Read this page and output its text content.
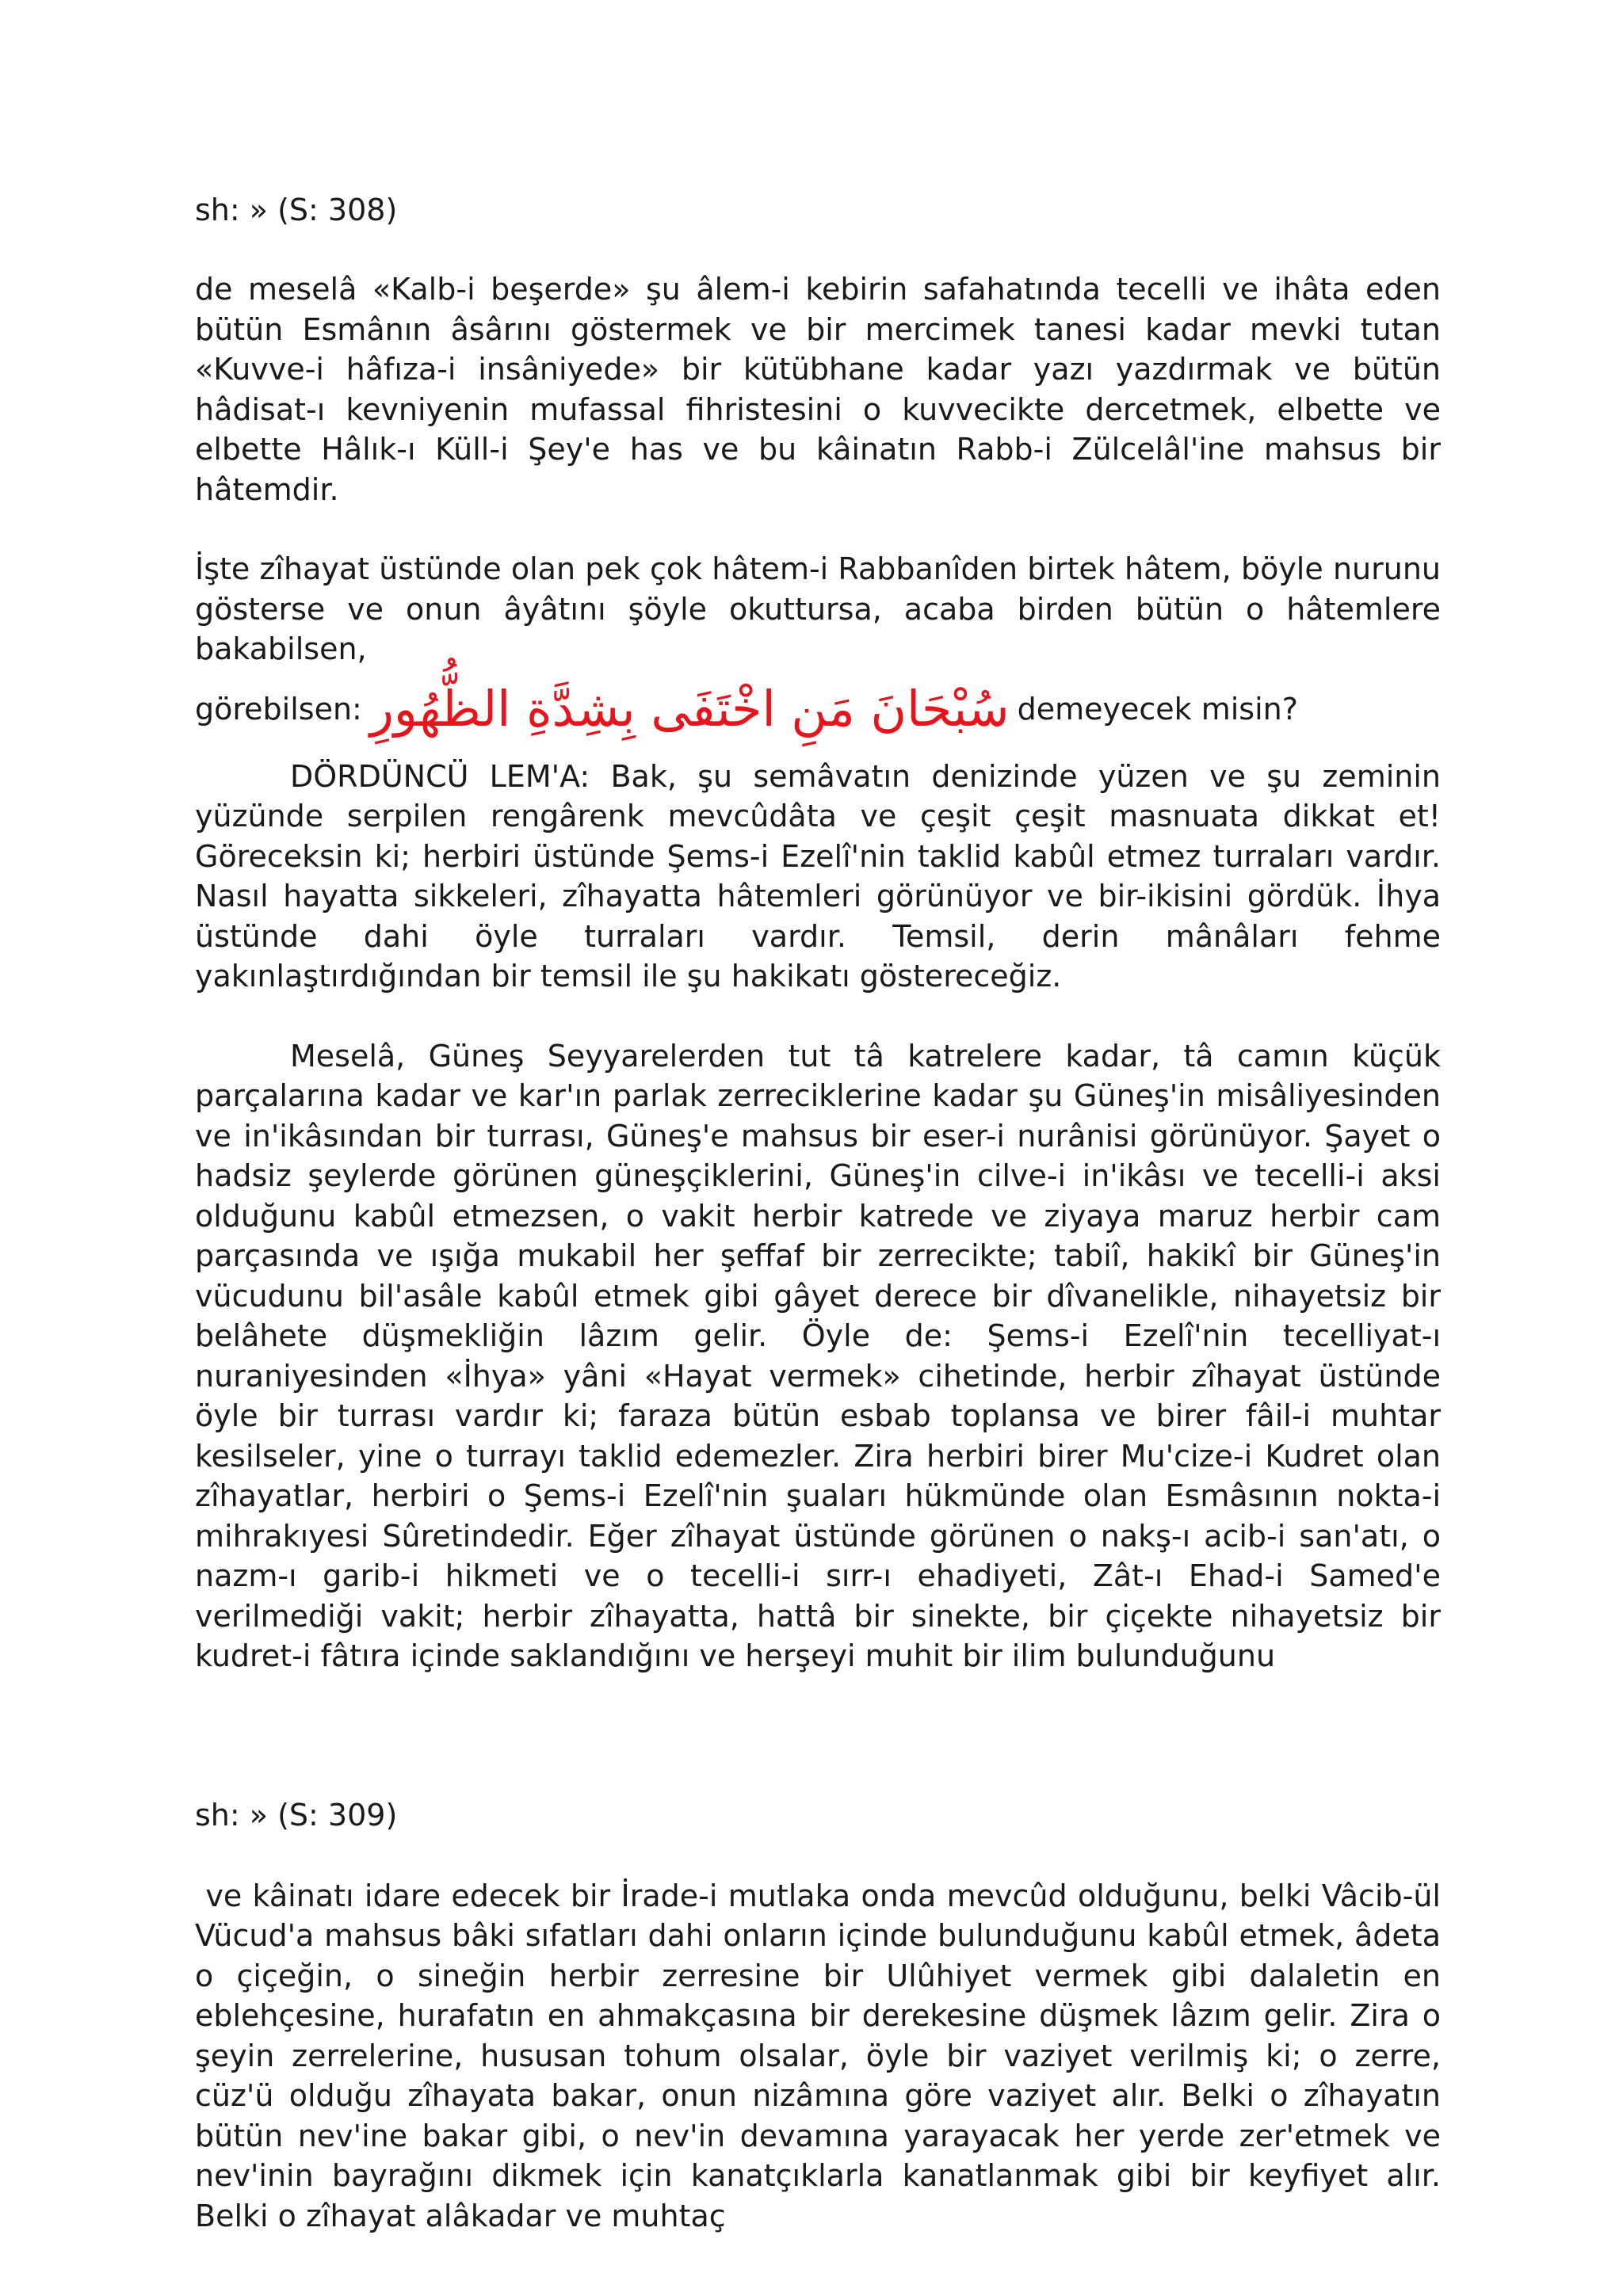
sh: » (S: 308)

de meselâ «Kalb-i beşerde» şu âlem-i kebirin safahatında tecelli ve ihâta eden bütün Esmânın âsârını göstermek ve bir mercimek tanesi kadar mevki tutan «Kuvve-i hâfıza-i insâniyede» bir kütübhane kadar yazı yazdırmak ve bütün hâdisat-ı kevniyenin mufassal fihristesini o kuvvecikte dercetmek, elbette ve elbette Hâlık-ı Küll-i Şey'e has ve bu kâinatın Rabb-i Zülcelâl'ine mahsus bir hâtemdir.

İşte zîhayat üstünde olan pek çok hâtem-i Rabbanîden birtek hâtem, böyle nurunu gösterse ve onun âyâtını şöyle okuttursa, acaba birden bütün o hâtemlere bakabilsen,

görebilsen: سُبْحَانَ مَنِ اخْتَفَى بِشِدَّةِ الظُّهُورِ demeyecek misin?

DÖRDÜNCÜ LEM'A: Bak, şu semâvatın denizinde yüzen ve şu zeminin yüzünde serpilen rengârenk mevcûdâta ve çeşit çeşit masnuata dikkat et! Göreceksin ki; herbiri üstünde Şems-i Ezelî'nin taklid kabûl etmez turraları vardır. Nasıl hayatta sikkeleri, zîhayatta hâtemleri görünüyor ve bir-ikisini gördük. İhya üstünde dahi öyle turraları vardır. Temsil, derin mânâları fehme yakınlaştırdığından bir temsil ile şu hakikatı göstereceğiz.

Meselâ, Güneş Seyyarelerden tut tâ katrelere kadar, tâ camın küçük parçalarına kadar ve kar'ın parlak zerreciklerine kadar şu Güneş'in misâliyesinden ve in'ikâsından bir turrası, Güneş'e mahsus bir eser-i nurânisi görünüyor. Şayet o hadsiz şeylerde görünen güneşçiklerini, Güneş'in cilve-i in'ikâsı ve tecelli-i aksi olduğunu kabûl etmezsen, o vakit herbir katrede ve ziyaya maruz herbir cam parçasında ve ışığa mukabil her şeffaf bir zerrecikte; tabiî, hakikî bir Güneş'in vücudunu bil'asâle kabûl etmek gibi gâyet derece bir dîvanelikle, nihayetsiz bir belâhete düşmekliğin lâzım gelir. Öyle de: Şems-i Ezelî'nin tecelliyat-ı nuraniyesinden «İhya» yâni «Hayat vermek» cihetinde, herbir zîhayat üstünde öyle bir turrası vardır ki; faraza bütün esbab toplansa ve birer fâil-i muhtar kesilseler, yine o turrayı taklid edemezler. Zira herbiri birer Mu'cize-i Kudret olan zîhayatlar, herbiri o Şems-i Ezelî'nin şuaları hükmünde olan Esmâsının nokta-i mihrakıyesi Sûretindedir. Eğer zîhayat üstünde görünen o nakş-ı acib-i san'atı, o nazm-ı garib-i hikmeti ve o tecelli-i sırr-ı ehadiyeti, Zât-ı Ehad-i Samed'e verilmediği vakit; herbir zîhayatta, hattâ bir sinekte, bir çiçekte nihayetsiz bir kudret-i fâtıra içinde saklandığını ve herşeyi muhit bir ilim bulunduğunu

sh: » (S: 309)

ve kâinatı idare edecek bir İrade-i mutlaka onda mevcûd olduğunu, belki Vâcib-ül Vücud'a mahsus bâki sıfatları dahi onların içinde bulunduğunu kabûl etmek, âdeta o çiçeğin, o sineğin herbir zerresine bir Ulûhiyet vermek gibi dalaletin en eblehçesine, hurafatın en ahmakçasına bir derekesine düşmek lâzım gelir. Zira o şeyin zerrelerine, hususan tohum olsalar, öyle bir vaziyet verilmiş ki; o zerre, cüz'ü olduğu zîhayata bakar, onun nizâmına göre vaziyet alır. Belki o zîhayatın bütün nev'ine bakar gibi, o nev'in devamına yarayacak her yerde zer'etmek ve nev'inin bayrağını dikmek için kanatçıklarla kanatlanmak gibi bir keyfiyet alır. Belki o zîhayat alâkadar ve muhtaç
